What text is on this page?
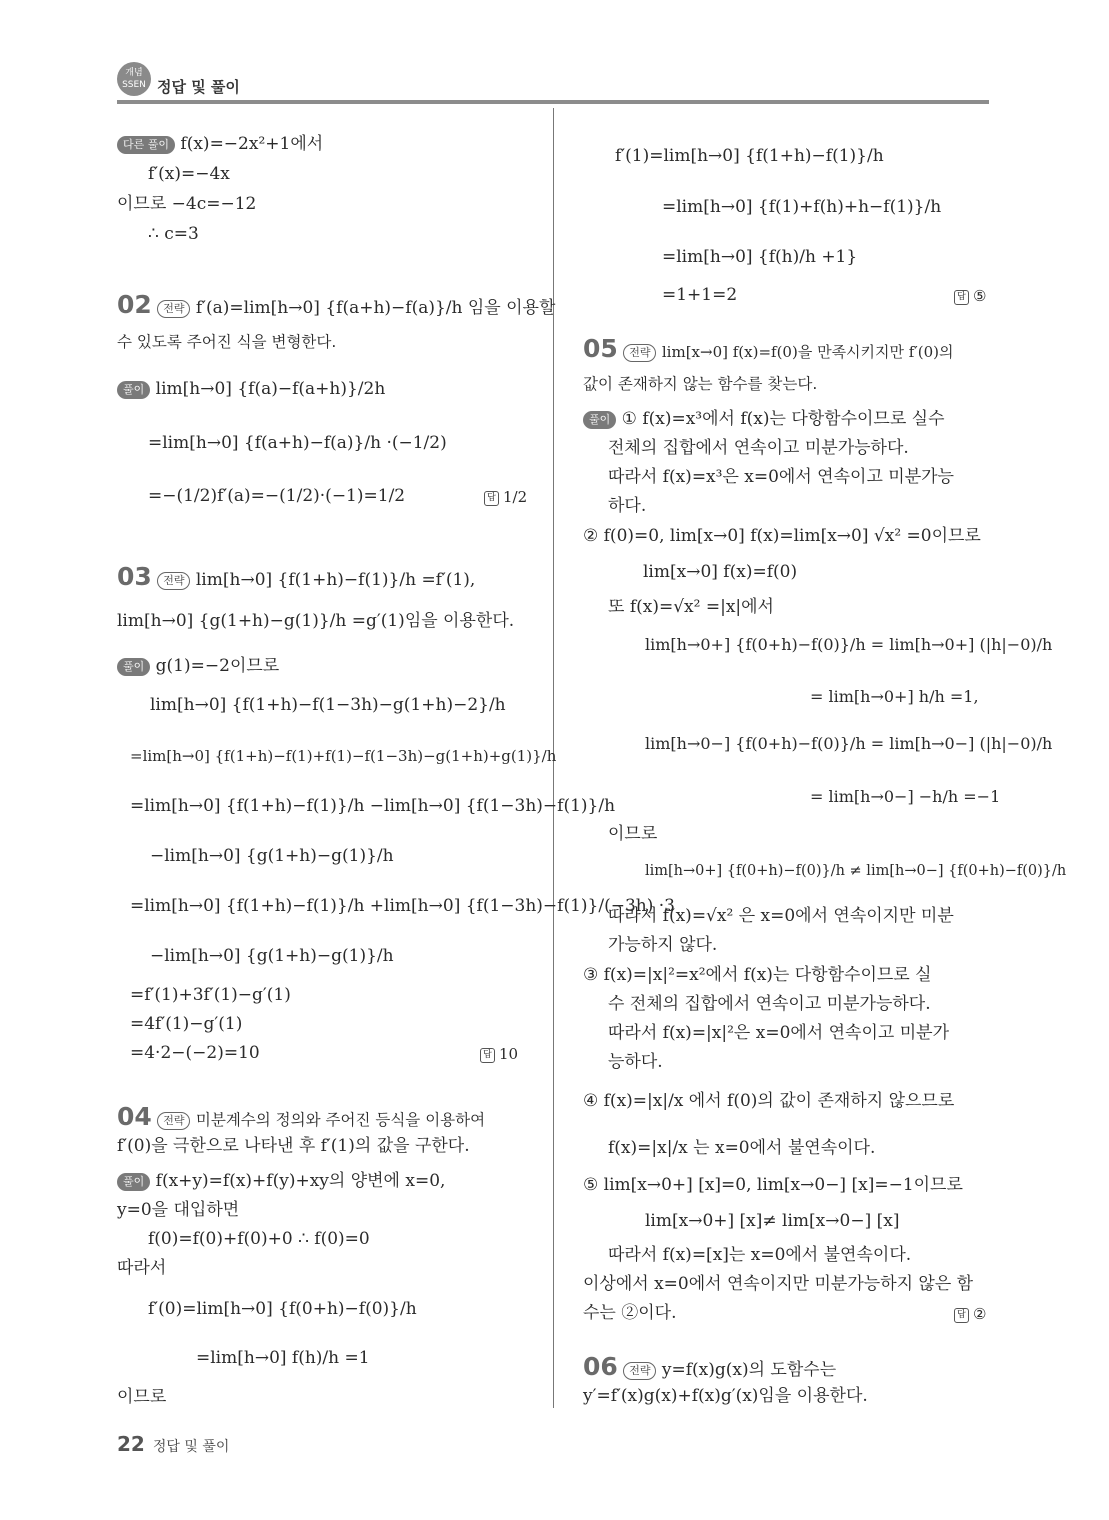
개념
SSEN 정답 및 풀이
다른 풀이 f(x)=−2x²+1에서
f′(x)=−4x
이므로 −4c=−12
∴ c=3
02 전략 f′(a)=lim[h→0] {f(a+h)−f(a)}/h 임을 이용할
수 있도록 주어진 식을 변형한다.
풀이 lim[h→0] {f(a)−f(a+h)}/2h
=lim[h→0] {f(a+h)−f(a)}/h ·(−1/2)
=−(1/2)f′(a)=−(1/2)·(−1)=1/2	답 1/2
03 전략 lim[h→0] {f(1+h)−f(1)}/h =f′(1),
lim[h→0] {g(1+h)−g(1)}/h =g′(1)임을 이용한다.
풀이 g(1)=−2이므로
lim[h→0] {f(1+h)−f(1−3h)−g(1+h)−2}/h
=lim[h→0] {f(1+h)−f(1)+f(1)−f(1−3h)−g(1+h)+g(1)}/h
=lim[h→0] {f(1+h)−f(1)}/h −lim[h→0] {f(1−3h)−f(1)}/h
−lim[h→0] {g(1+h)−g(1)}/h
=lim[h→0] {f(1+h)−f(1)}/h +lim[h→0] {f(1−3h)−f(1)}/(−3h) ·3
−lim[h→0] {g(1+h)−g(1)}/h
=f′(1)+3f′(1)−g′(1)
=4f′(1)−g′(1)
=4·2−(−2)=10	답 10
04 전략 미분계수의 정의와 주어진 등식을 이용하여
f′(0)을 극한으로 나타낸 후 f′(1)의 값을 구한다.
풀이 f(x+y)=f(x)+f(y)+xy의 양변에 x=0,
y=0을 대입하면
f(0)=f(0)+f(0)+0 ∴ f(0)=0
따라서
f′(0)=lim[h→0] {f(0+h)−f(0)}/h
=lim[h→0] f(h)/h =1
이므로
f′(1)=lim[h→0] {f(1+h)−f(1)}/h
=lim[h→0] {f(1)+f(h)+h−f(1)}/h
=lim[h→0] {f(h)/h +1}
=1+1=2	답 ⑤
05 전략 lim[x→0] f(x)=f(0)을 만족시키지만 f′(0)의
값이 존재하지 않는 함수를 찾는다.
풀이 ① f(x)=x³에서 f(x)는 다항함수이므로 실수
전체의 집합에서 연속이고 미분가능하다.
따라서 f(x)=x³은 x=0에서 연속이고 미분가능
하다.
② f(0)=0, lim[x→0] f(x)=lim[x→0] √x² =0이므로
lim[x→0] f(x)=f(0)
또 f(x)=√x² =|x|에서
lim[h→0+] {f(0+h)−f(0)}/h = lim[h→0+] (|h|−0)/h
= lim[h→0+] h/h =1,
lim[h→0−] {f(0+h)−f(0)}/h = lim[h→0−] (|h|−0)/h
= lim[h→0−] −h/h =−1
이므로
lim[h→0+] {f(0+h)−f(0)}/h ≠ lim[h→0−] {f(0+h)−f(0)}/h
따라서 f(x)=√x² 은 x=0에서 연속이지만 미분
가능하지 않다.
③ f(x)=|x|²=x²에서 f(x)는 다항함수이므로 실
수 전체의 집합에서 연속이고 미분가능하다.
따라서 f(x)=|x|²은 x=0에서 연속이고 미분가
능하다.
④ f(x)=|x|/x 에서 f(0)의 값이 존재하지 않으므로
f(x)=|x|/x 는 x=0에서 불연속이다.
⑤ lim[x→0+] [x]=0, lim[x→0−] [x]=−1이므로
lim[x→0+] [x]≠ lim[x→0−] [x]
따라서 f(x)=[x]는 x=0에서 불연속이다.
이상에서 x=0에서 연속이지만 미분가능하지 않은 함
수는 ②이다.	답 ②
06 전략 y=f(x)g(x)의 도함수는
y′=f′(x)g(x)+f(x)g′(x)임을 이용한다.
22 정답 및 풀이
